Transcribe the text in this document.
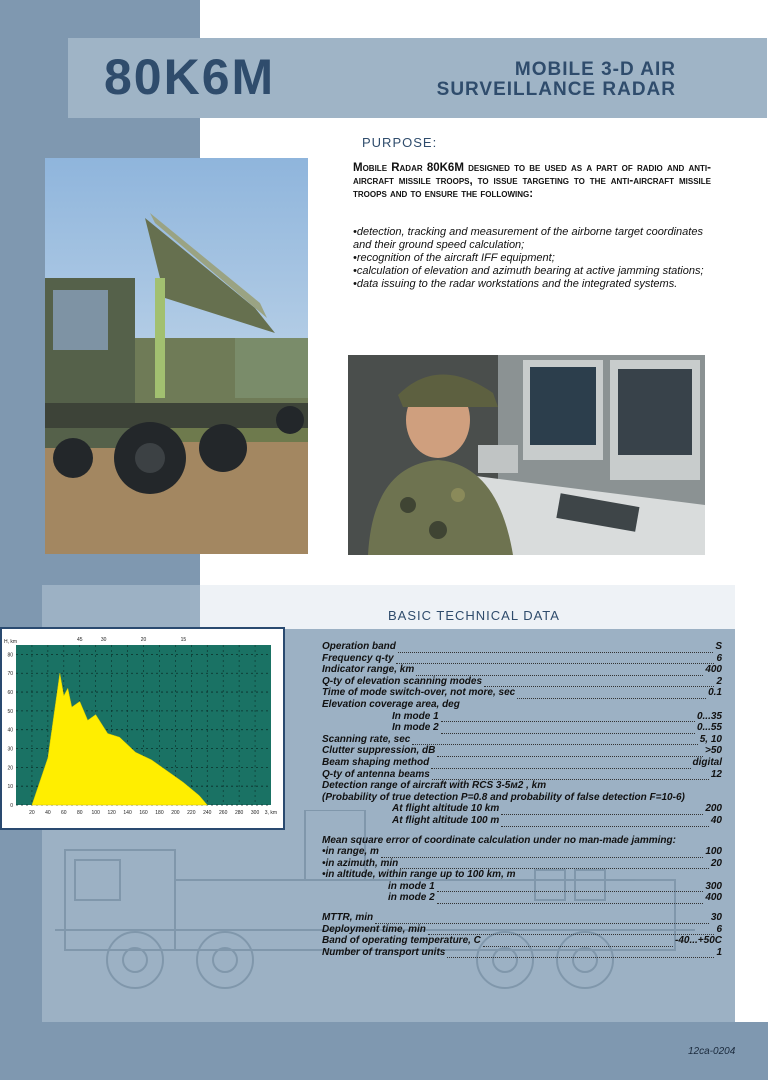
80K6M	MOBILE 3-D AIR
SURVEILLANCE RADAR
PURPOSE:
Mobile Radar 80K6M designed to be used as a part of radio and anti-aircraft missile troops, to issue targeting to the anti-aircraft missile troops and to ensure the following:
•detection, tracking and measurement of the airborne target coordinates and their ground speed calculation;
•recognition of the aircraft IFF equipment;
•calculation of elevation and azimuth bearing at active jamming stations;
•data issuing to the radar workstations and the integrated systems.
BASIC TECHNICAL DATA
Operation band	S
Frequency q-ty	6
Indicator range, km	400
Q-ty of elevation scanning modes	2
Time of mode switch-over, not more, sec	0.1
Elevation coverage area, deg
In mode 1	0...35
In mode 2	0...55
Scanning rate, sec	5, 10
Clutter suppression, dB	>50
Beam shaping method	digital
Q-ty of antenna beams	12
Detection range of aircraft with RCS 3-5м2 , km
(Probability of true detection P=0.8 and probability of false detection F=10-6)
At flight altitude 10 km	200
At flight altitude 100 m	40
Mean square error of coordinate calculation under no man-made jamming:
•in range, m	100
•in azimuth, min	20
•in altitude, within range up to 100 km, m
in mode 1	300
in mode 2	400
MTTR, min	30
Deployment time, min	6
Band of operating temperature, C	-40...+50C
Number of transport units	1
0
10
20
30
40
50
60
70
80
20 40 60 80 100 120 140 160 180 200 220 240 260 280 300
45	30	20	15
H, km
3, km
12ca-0204
